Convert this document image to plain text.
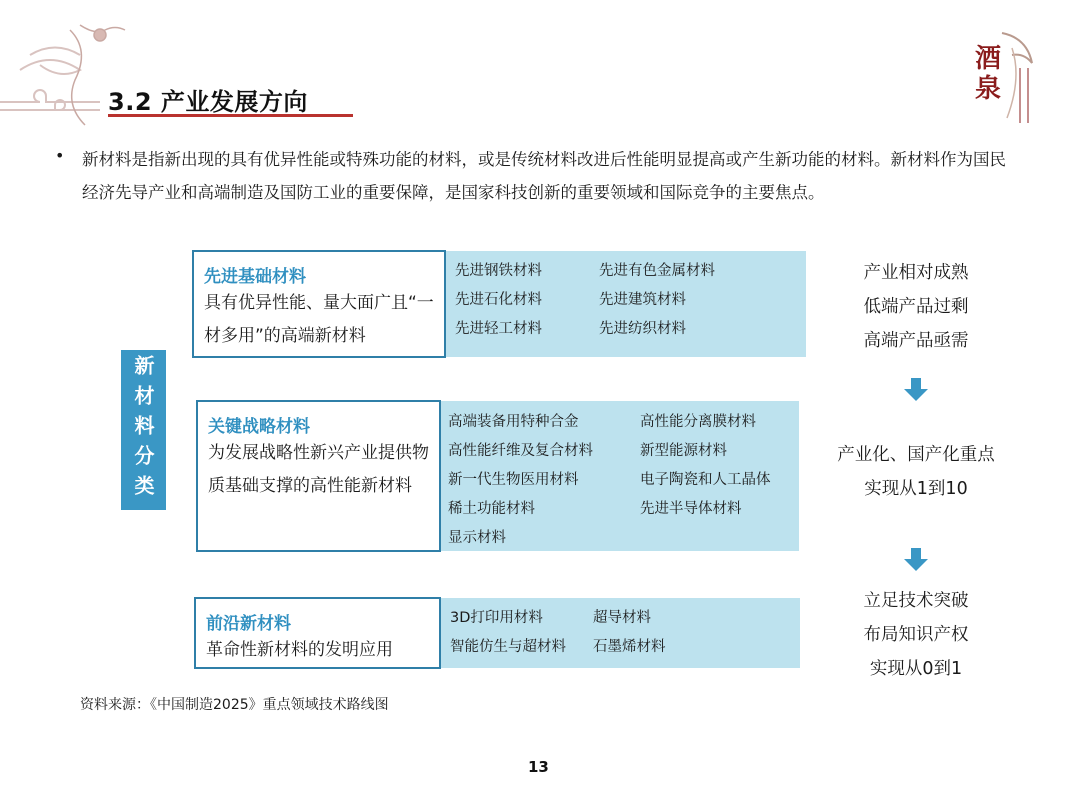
3.2 产业发展方向
酒泉
• 新材料是指新出现的具有优异性能或特殊功能的材料，或是传统材料改进后性能明显提高或产生新功能的材料。新材料作为国民经济先导产业和高端制造及国防工业的重要保障，是国家科技创新的重要领域和国际竞争的主要焦点。
新材料分类
先进钢铁材料	先进有色金属材料
先进石化材料	先进建筑材料
先进轻工材料	先进纺织材料
先进基础材料
具有优异性能、量大面广且“一材多用”的高端新材料
高端装备用特种合金	高性能分离膜材料
高性能纤维及复合材料	新型能源材料
新一代生物医用材料	电子陶瓷和人工晶体
稀土功能材料	先进半导体材料
显示材料
关键战略材料
为发展战略性新兴产业提供物质基础支撑的高性能新材料
3D打印用材料	超导材料
智能仿生与超材料	石墨烯材料
前沿新材料
革命性新材料的发明应用
产业相对成熟
低端产品过剩
高端产品亟需
产业化、国产化重点
实现从1到10
立足技术突破
布局知识产权
实现从0到1
资料来源：《中国制造2025》重点领域技术路线图
13
